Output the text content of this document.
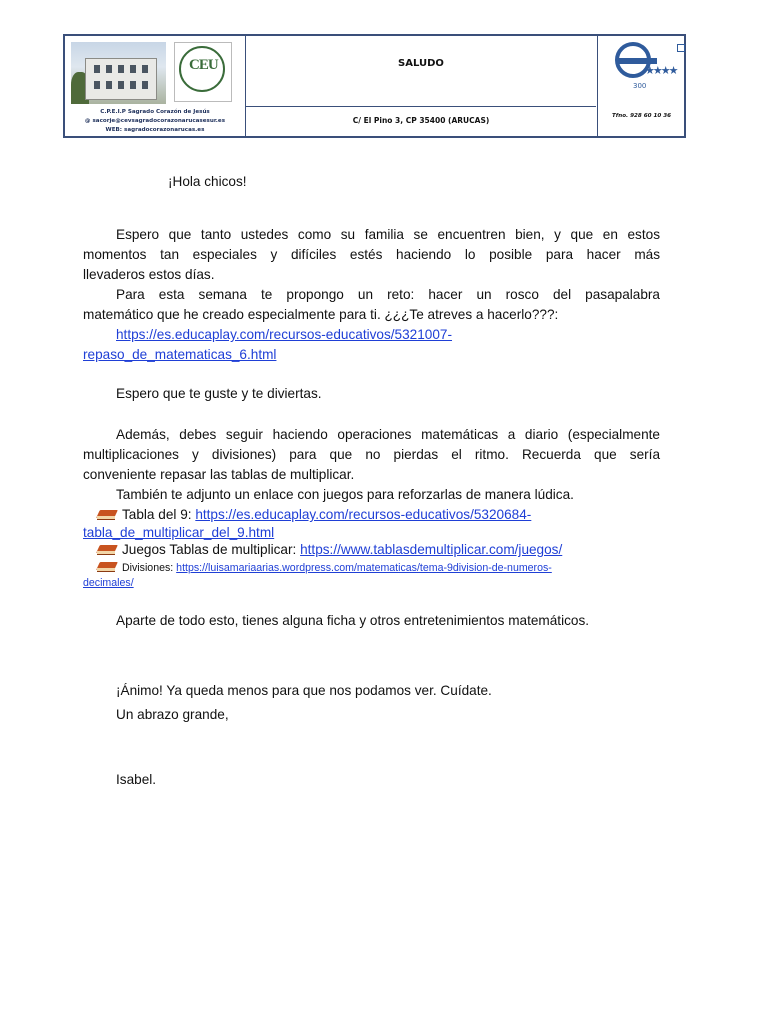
CEU
C.P.E.I.P Sagrado Corazón de Jesús
@ sacorje@cevsagradocorazonarucasesur.es
WEB: sagradocorazonarucas.es
SALUDO
C/ El Pino 3, CP 35400 (ARUCAS)
★★★★
300
Tfno. 928 60 10 36
¡Hola chicos!
Espero que tanto ustedes como su familia se encuentren bien, y que en estos
momentos tan especiales y difíciles estés haciendo lo posible para hacer más
llevaderos estos días.
Para esta semana te propongo un reto: hacer un rosco del pasapalabra
matemático que he creado especialmente para ti. ¿¿¿Te atreves a hacerlo???:
https://es.educaplay.com/recursos-educativos/5321007-
repaso_de_matematicas_6.html
Espero que te guste y te diviertas.
Además, debes seguir haciendo operaciones matemáticas a diario (especialmente
multiplicaciones y divisiones) para que no pierdas el ritmo. Recuerda que sería
conveniente repasar las tablas de multiplicar.
También te adjunto un enlace con juegos para reforzarlas de manera lúdica.
Tabla del 9: https://es.educaplay.com/recursos-educativos/5320684-
tabla_de_multiplicar_del_9.html
Juegos Tablas de multiplicar: https://www.tablasdemultiplicar.com/juegos/
Divisiones: https://luisamariaarias.wordpress.com/matematicas/tema-9division-de-numeros-
decimales/
Aparte de todo esto, tienes alguna ficha y otros entretenimientos matemáticos.
¡Ánimo! Ya queda menos para que nos podamos ver. Cuídate.
Un abrazo grande,
Isabel.
